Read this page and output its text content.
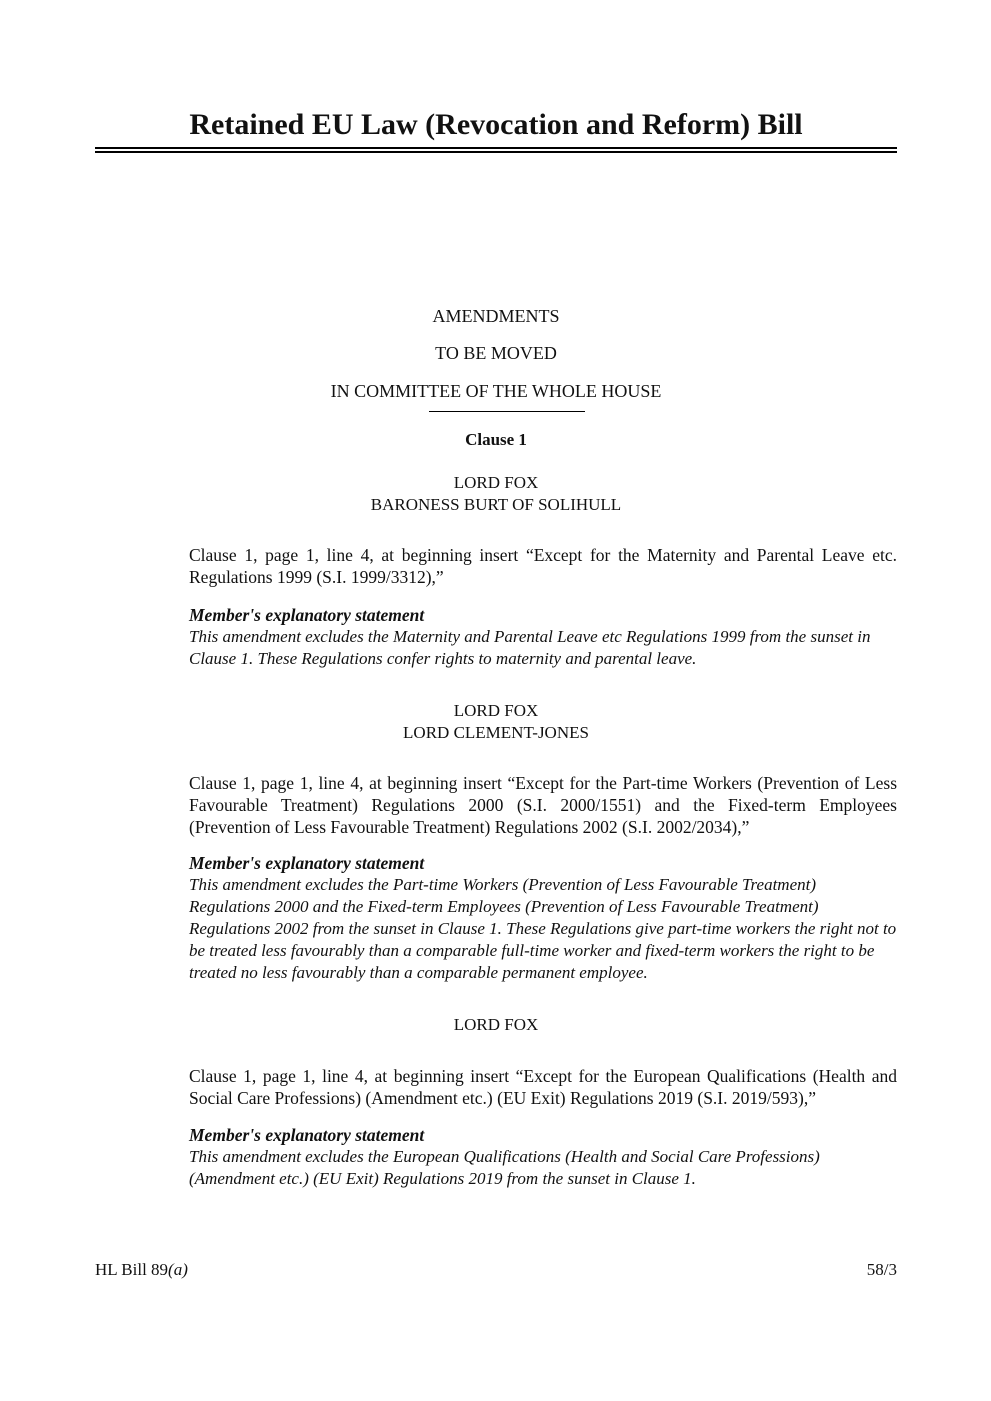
Retained EU Law (Revocation and Reform) Bill
AMENDMENTS
TO BE MOVED
IN COMMITTEE OF THE WHOLE HOUSE
Clause 1
LORD FOX
BARONESS BURT OF SOLIHULL
Clause 1, page 1, line 4, at beginning insert “Except for the Maternity and Parental Leave etc. Regulations 1999 (S.I. 1999/3312),”
Member's explanatory statement
This amendment excludes the Maternity and Parental Leave etc Regulations 1999 from the sunset in Clause 1. These Regulations confer rights to maternity and parental leave.
LORD FOX
LORD CLEMENT-JONES
Clause 1, page 1, line 4, at beginning insert “Except for the Part-time Workers (Prevention of Less Favourable Treatment) Regulations 2000 (S.I. 2000/1551) and the Fixed-term Employees (Prevention of Less Favourable Treatment) Regulations 2002 (S.I. 2002/2034),”
Member's explanatory statement
This amendment excludes the Part-time Workers (Prevention of Less Favourable Treatment) Regulations 2000 and the Fixed-term Employees (Prevention of Less Favourable Treatment) Regulations 2002 from the sunset in Clause 1. These Regulations give part-time workers the right not to be treated less favourably than a comparable full-time worker and fixed-term workers the right to be treated no less favourably than a comparable permanent employee.
LORD FOX
Clause 1, page 1, line 4, at beginning insert “Except for the European Qualifications (Health and Social Care Professions) (Amendment etc.) (EU Exit) Regulations 2019 (S.I. 2019/593),”
Member's explanatory statement
This amendment excludes the European Qualifications (Health and Social Care Professions) (Amendment etc.) (EU Exit) Regulations 2019 from the sunset in Clause 1.
HL Bill 89(a)	58/3
